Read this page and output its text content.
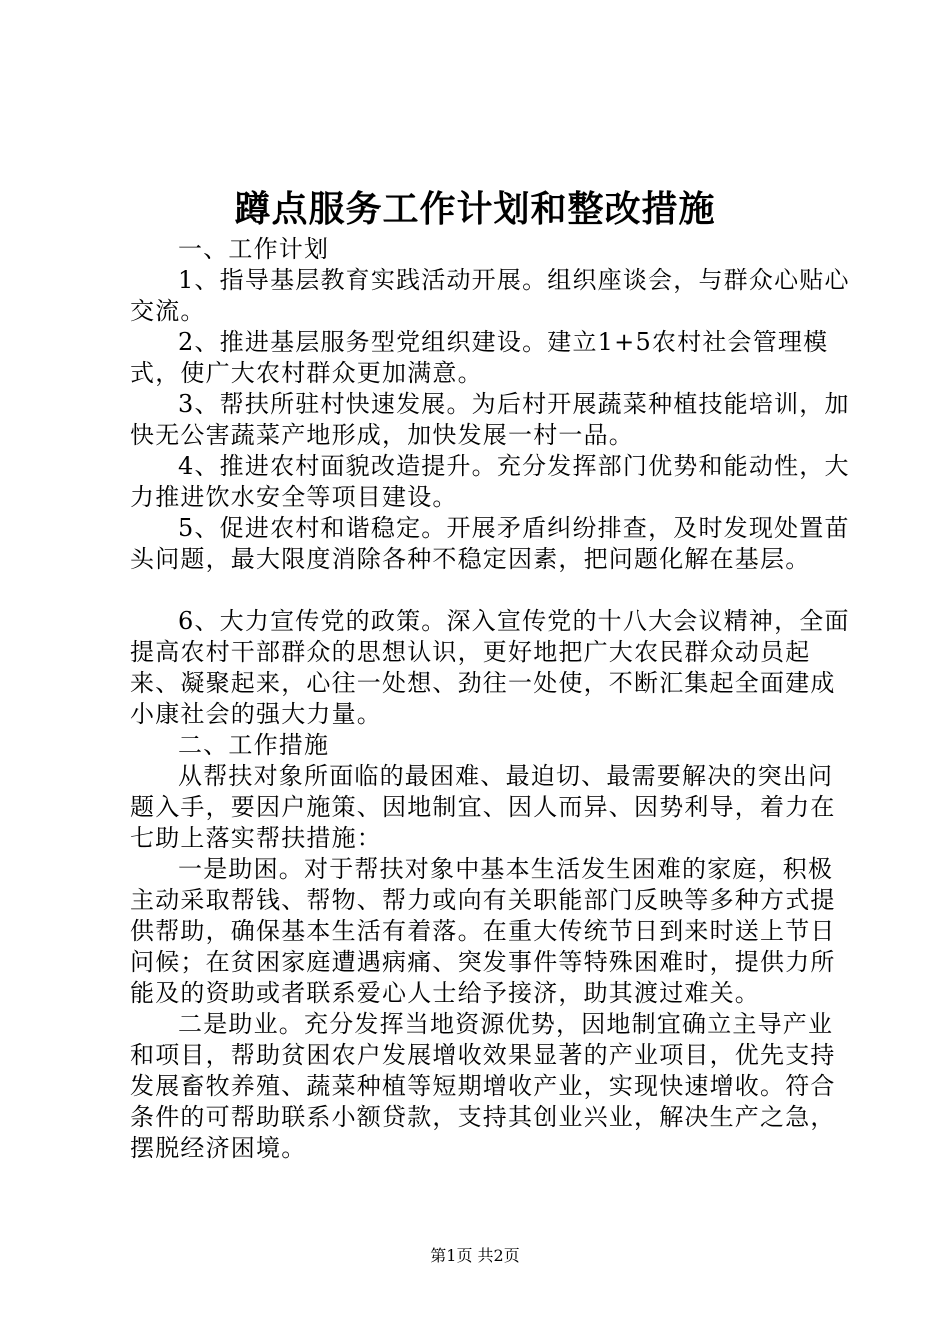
蹲点服务工作计划和整改措施

一、工作计划

1、指导基层教育实践活动开展。组织座谈会，与群众心贴心交流。

2、推进基层服务型党组织建设。建立1+5农村社会管理模式，使广大农村群众更加满意。

3、帮扶所驻村快速发展。为后村开展蔬菜种植技能培训，加快无公害蔬菜产地形成，加快发展一村一品。

4、推进农村面貌改造提升。充分发挥部门优势和能动性，大力推进饮水安全等项目建设。

5、促进农村和谐稳定。开展矛盾纠纷排查，及时发现处置苗头问题，最大限度消除各种不稳定因素，把问题化解在基层。

6、大力宣传党的政策。深入宣传党的十八大会议精神，全面提高农村干部群众的思想认识，更好地把广大农民群众动员起来、凝聚起来，心往一处想、劲往一处使，不断汇集起全面建成小康社会的强大力量。

二、工作措施

从帮扶对象所面临的最困难、最迫切、最需要解决的突出问题入手，要因户施策、因地制宜、因人而异、因势利导，着力在七助上落实帮扶措施：

一是助困。对于帮扶对象中基本生活发生困难的家庭，积极主动采取帮钱、帮物、帮力或向有关职能部门反映等多种方式提供帮助，确保基本生活有着落。在重大传统节日到来时送上节日问候；在贫困家庭遭遇病痛、突发事件等特殊困难时，提供力所能及的资助或者联系爱心人士给予接济，助其渡过难关。

二是助业。充分发挥当地资源优势，因地制宜确立主导产业和项目，帮助贫困农户发展增收效果显著的产业项目，优先支持发展畜牧养殖、蔬菜种植等短期增收产业，实现快速增收。符合条件的可帮助联系小额贷款，支持其创业兴业，解决生产之急，摆脱经济困境。

第1页 共2页
